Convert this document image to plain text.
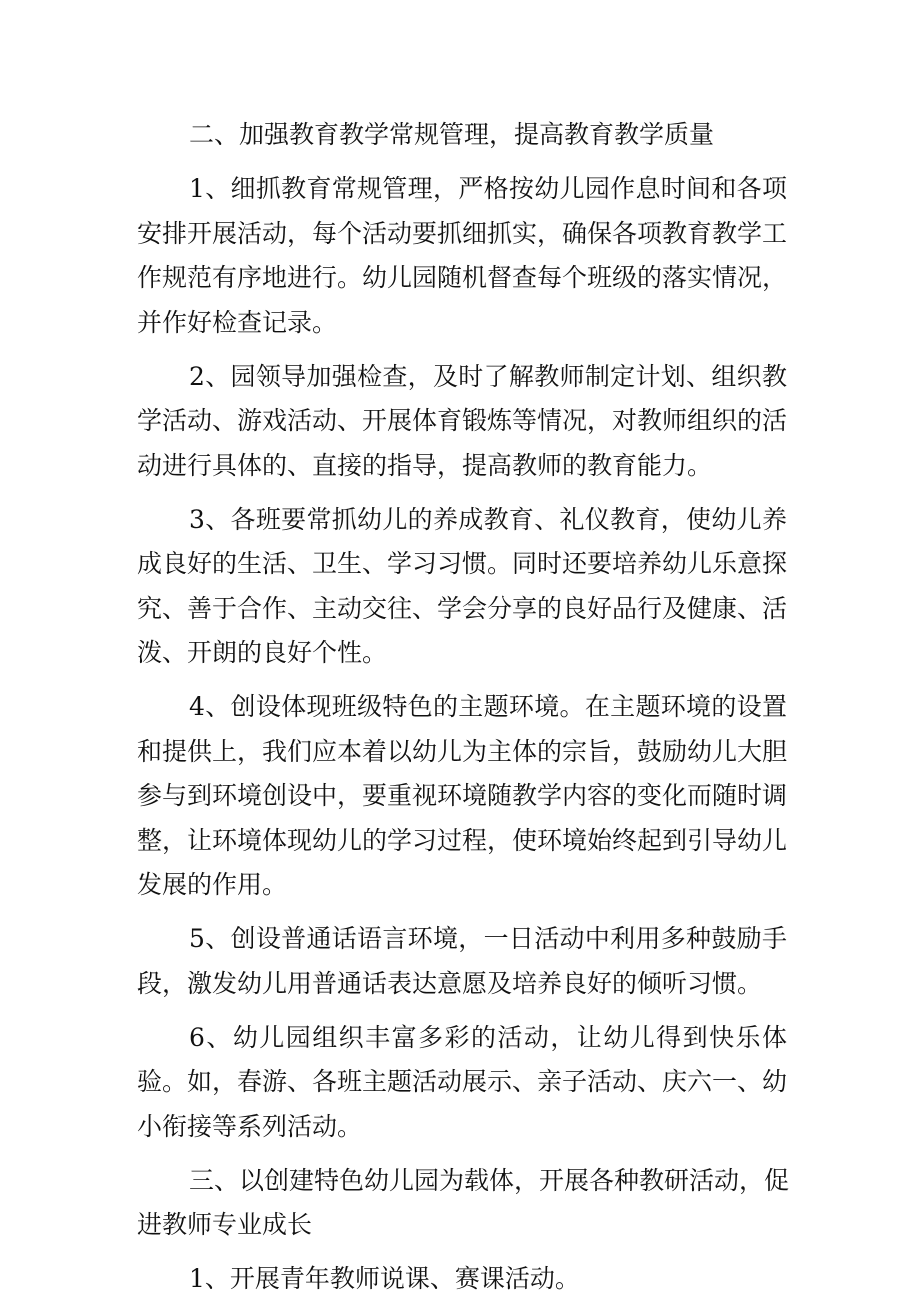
二、加强教育教学常规管理，提高教育教学质量

1、细抓教育常规管理，严格按幼儿园作息时间和各项安排开展活动，每个活动要抓细抓实，确保各项教育教学工作规范有序地进行。幼儿园随机督查每个班级的落实情况，并作好检查记录。

2、园领导加强检查，及时了解教师制定计划、组织教学活动、游戏活动、开展体育锻炼等情况，对教师组织的活动进行具体的、直接的指导，提高教师的教育能力。

3、各班要常抓幼儿的养成教育、礼仪教育，使幼儿养成良好的生活、卫生、学习习惯。同时还要培养幼儿乐意探究、善于合作、主动交往、学会分享的良好品行及健康、活泼、开朗的良好个性。

4、创设体现班级特色的主题环境。在主题环境的设置和提供上，我们应本着以幼儿为主体的宗旨，鼓励幼儿大胆参与到环境创设中，要重视环境随教学内容的变化而随时调整，让环境体现幼儿的学习过程，使环境始终起到引导幼儿发展的作用。

5、创设普通话语言环境，一日活动中利用多种鼓励手段，激发幼儿用普通话表达意愿及培养良好的倾听习惯。

6、幼儿园组织丰富多彩的活动，让幼儿得到快乐体验。如，春游、各班主题活动展示、亲子活动、庆六一、幼小衔接等系列活动。

三、以创建特色幼儿园为载体，开展各种教研活动，促
进教师专业成长

1、开展青年教师说课、赛课活动。
